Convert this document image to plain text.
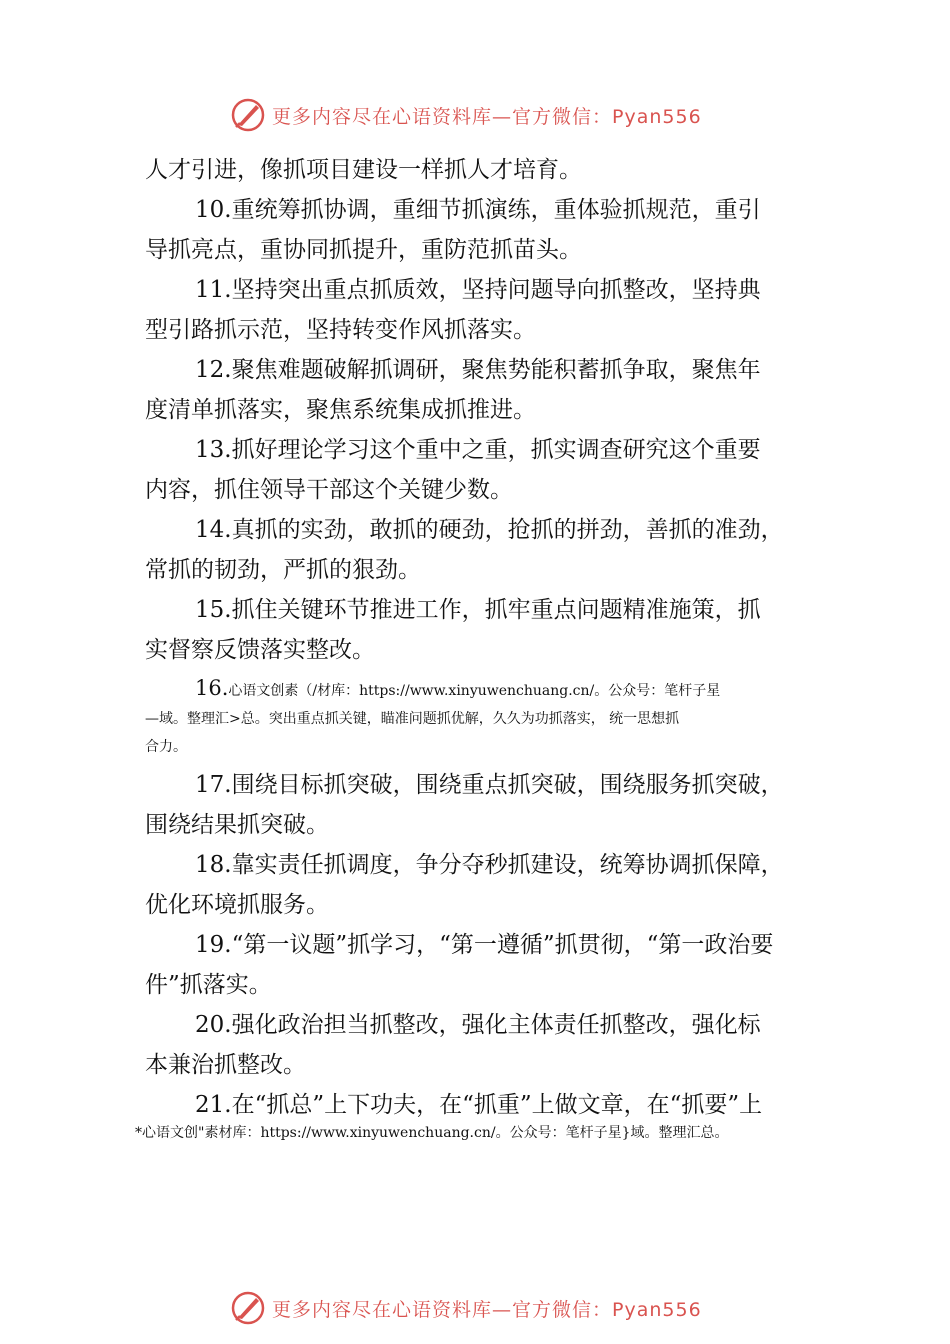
更多内容尽在心语资料库—官方微信：Pyan556

人才引进，像抓项目建设一样抓人才培育。

10.重统筹抓协调，重细节抓演练，重体验抓规范，重引
导抓亮点，重协同抓提升，重防范抓苗头。

11.坚持突出重点抓质效，坚持问题导向抓整改，坚持典
型引路抓示范，坚持转变作风抓落实。

12.聚焦难题破解抓调研，聚焦势能积蓄抓争取，聚焦年
度清单抓落实，聚焦系统集成抓推进。

13.抓好理论学习这个重中之重，抓实调查研究这个重要
内容，抓住领导干部这个关键少数。

14.真抓的实劲，敢抓的硬劲，抢抓的拼劲，善抓的准劲，
常抓的韧劲，严抓的狠劲。

15.抓住关键环节推进工作，抓牢重点问题精准施策，抓
实督察反馈落实整改。

16.心语文创素（/材库：https://www.xinyuwenchuang.cn/。公众号：笔杆子星
—域。整理汇>总。突出重点抓关键，瞄准问题抓优解，久久为功抓落实， 统一思想抓
合力。

17.围绕目标抓突破，围绕重点抓突破，围绕服务抓突破，
围绕结果抓突破。

18.靠实责任抓调度，争分夺秒抓建设，统筹协调抓保障，
优化环境抓服务。

19.“第一议题”抓学习，“第一遵循”抓贯彻，“第一政治要
件”抓落实。

20.强化政治担当抓整改，强化主体责任抓整改，强化标
本兼治抓整改。

21.在“抓总”上下功夫，在“抓重”上做文章，在“抓要”上

*心语文创"素材库：https://www.xinyuwenchuang.cn/。公众号：笔杆子星}域。整理汇总。
更多内容尽在心语资料库—官方微信：Pyan556
